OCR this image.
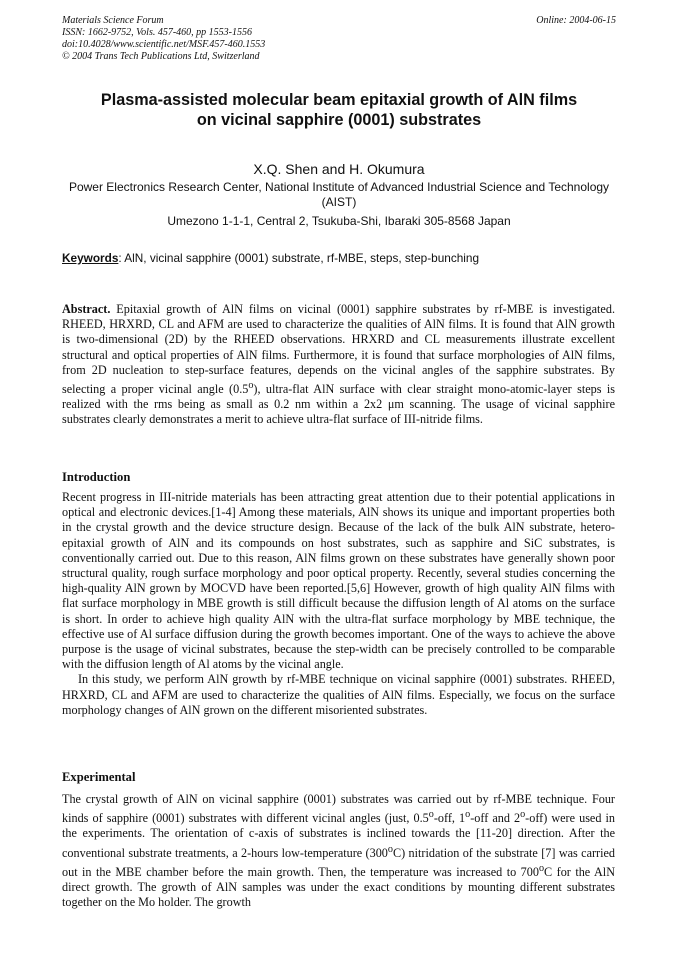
Materials Science Forum
ISSN: 1662-9752, Vols. 457-460, pp 1553-1556
doi:10.4028/www.scientific.net/MSF.457-460.1553
© 2004 Trans Tech Publications Ltd, Switzerland
Online: 2004-06-15
Plasma-assisted molecular beam epitaxial growth of AlN films
on vicinal sapphire (0001) substrates
X.Q. Shen and H. Okumura
Power Electronics Research Center, National Institute of Advanced Industrial Science and Technology (AIST)
Umezono 1-1-1, Central 2, Tsukuba-Shi, Ibaraki 305-8568 Japan
Keywords: AlN, vicinal sapphire (0001) substrate, rf-MBE, steps, step-bunching

Abstract. Epitaxial growth of AlN films on vicinal (0001) sapphire substrates by rf-MBE is investigated. RHEED, HRXRD, CL and AFM are used to characterize the qualities of AlN films. It is found that AlN growth is two-dimensional (2D) by the RHEED observations. HRXRD and CL measurements illustrate excellent structural and optical properties of AlN films. Furthermore, it is found that surface morphologies of AlN films, from 2D nucleation to step-surface features, depends on the vicinal angles of the sapphire substrates. By selecting a proper vicinal angle (0.5$^o$), ultra-flat AlN surface with clear straight mono-atomic-layer steps is realized with the rms being as small as 0.2 nm within a 2x2 μm scanning. The usage of vicinal sapphire substrates clearly demonstrates a merit to achieve ultra-flat surface of III-nitride films.

Introduction

Recent progress in III-nitride materials has been attracting great attention due to their potential applications in optical and electronic devices.[1-4] Among these materials, AlN shows its unique and important properties both in the crystal growth and the device structure design. Because of the lack of the bulk AlN substrate, hetero-epitaxial growth of AlN and its compounds on host substrates, such as sapphire and SiC substrates, is conventionally carried out. Due to this reason, AlN films grown on these substrates have generally shown poor structural quality, rough surface morphology and poor optical property. Recently, several studies concerning the high-quality AlN grown by MOCVD have been reported.[5,6] However, growth of high quality AlN films with flat surface morphology in MBE growth is still difficult because the diffusion length of Al atoms on the surface is short. In order to achieve high quality AlN with the ultra-flat surface morphology by MBE technique, the effective use of Al surface diffusion during the growth becomes important. One of the ways to achieve the above purpose is the usage of vicinal substrates, because the step-width can be precisely controlled to be comparable with the diffusion length of Al atoms by the vicinal angle.

In this study, we perform AlN growth by rf-MBE technique on vicinal sapphire (0001) substrates. RHEED, HRXRD, CL and AFM are used to characterize the qualities of AlN films. Especially, we focus on the surface morphology changes of AlN grown on the different misoriented substrates.

Experimental

The crystal growth of AlN on vicinal sapphire (0001) substrates was carried out by rf-MBE technique. Four kinds of sapphire (0001) substrates with different vicinal angles (just, 0.5$^o$-off, 1$^o$-off and 2$^o$-off) were used in the experiments. The orientation of c-axis of substrates is inclined towards the [11-20] direction. After the conventional substrate treatments, a 2-hours low-temperature (300$^o$C) nitridation of the substrate [7] was carried out in the MBE chamber before the main growth. Then, the temperature was increased to 700$^o$C for the AlN direct growth. The growth of AlN samples was under the exact conditions by mounting different substrates together on the Mo holder. The growth
